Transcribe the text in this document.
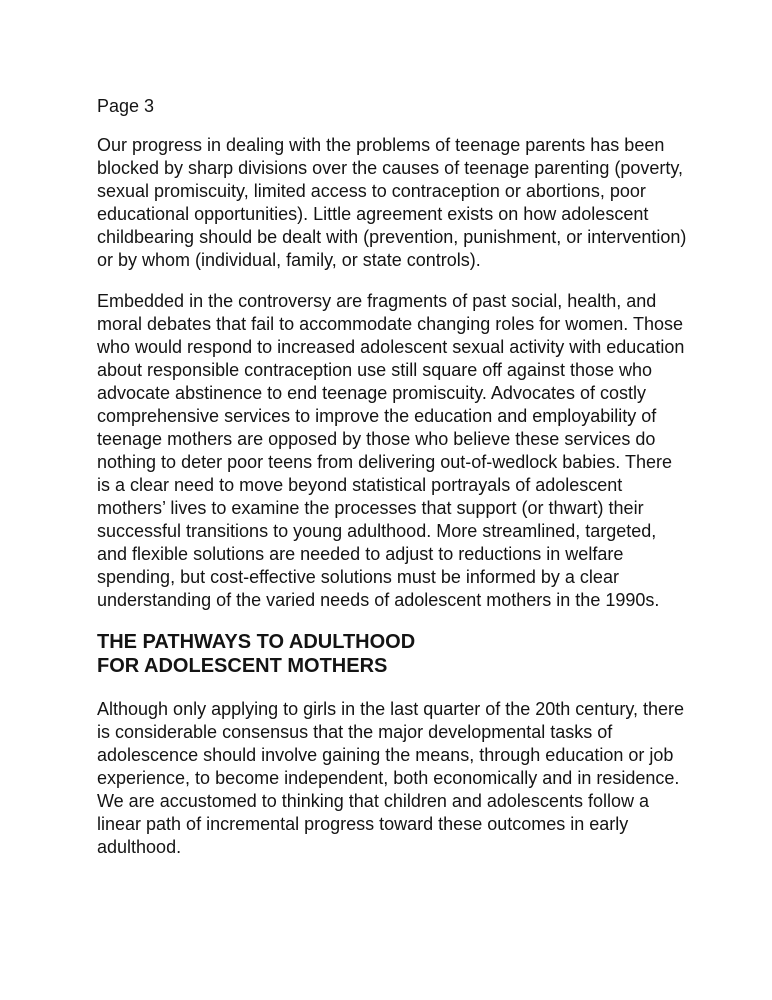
Page 3

Our progress in dealing with the problems of teenage parents has been blocked by sharp divisions over the causes of teenage parenting (poverty, sexual promiscuity, limited access to contraception or abortions, poor educational opportunities). Little agreement exists on how adolescent childbearing should be dealt with (prevention, punishment, or intervention) or by whom (individual, family, or state controls).

Embedded in the controversy are fragments of past social, health, and moral debates that fail to accommodate changing roles for women. Those who would respond to increased adolescent sexual activity with education about responsible contraception use still square off against those who advocate abstinence to end teenage promiscuity. Advocates of costly comprehensive services to improve the education and employability of teenage mothers are opposed by those who believe these services do nothing to deter poor teens from delivering out-of-wedlock babies. There is a clear need to move beyond statistical portrayals of adolescent mothers’ lives to examine the processes that support (or thwart) their successful transitions to young adulthood. More streamlined, targeted, and flexible solutions are needed to adjust to reductions in welfare spending, but cost-effective solutions must be informed by a clear understanding of the varied needs of adolescent mothers in the 1990s.

THE PATHWAYS TO ADULTHOOD
FOR ADOLESCENT MOTHERS

Although only applying to girls in the last quarter of the 20th century, there is considerable consensus that the major developmental tasks of adolescence should involve gaining the means, through education or job experience, to become independent, both economically and in residence. We are accustomed to thinking that children and adolescents follow a linear path of incremental progress toward these outcomes in early adulthood.
